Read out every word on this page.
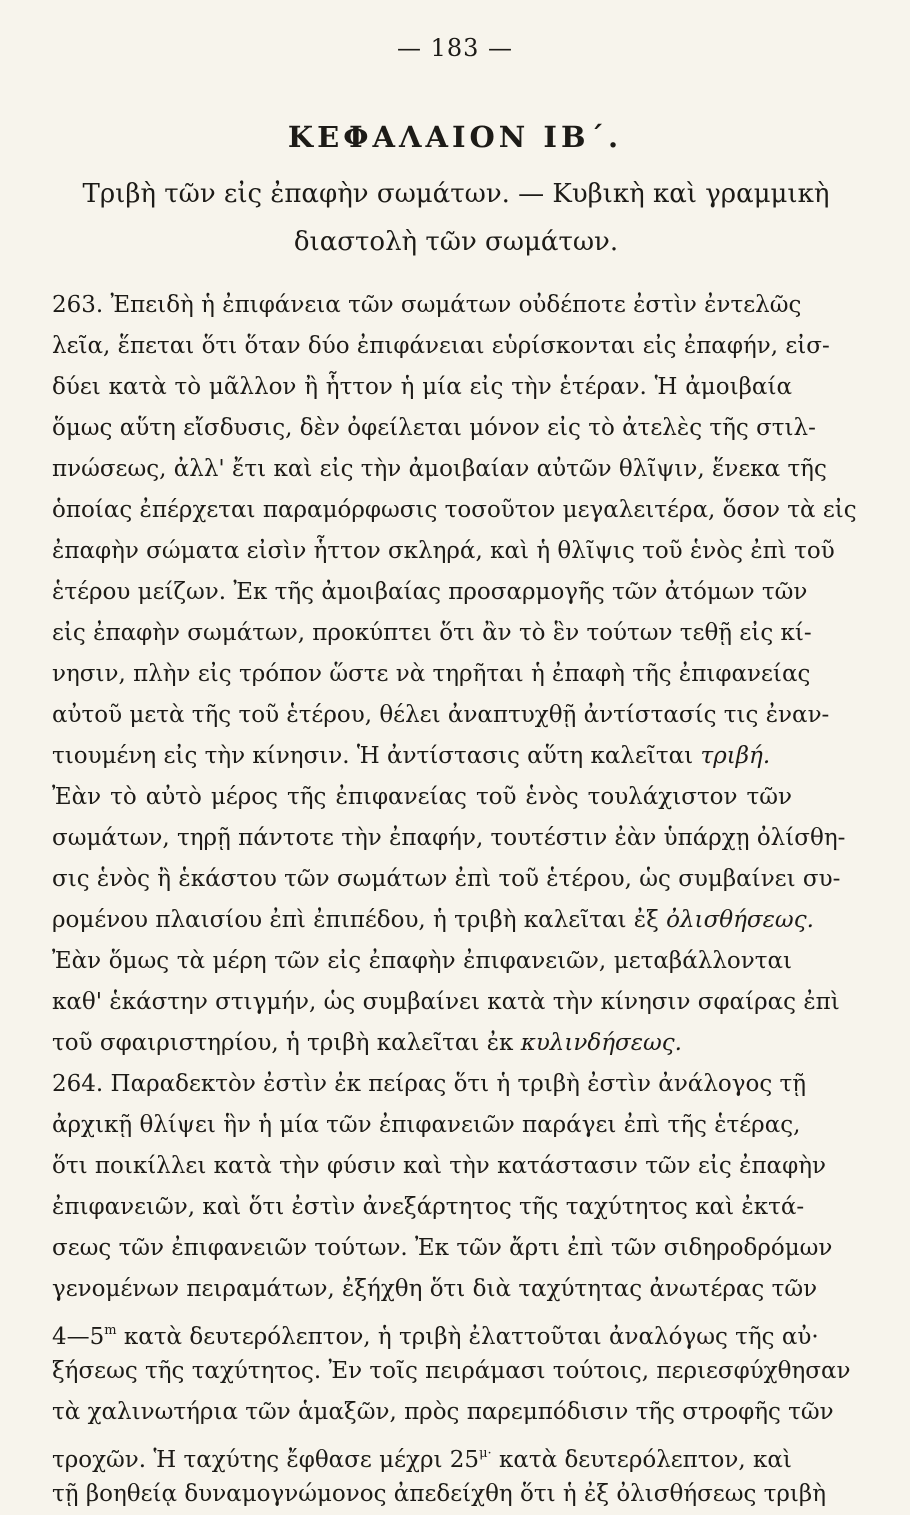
— 183 —
ΚΕΦΑΛΑΙΟΝ ΙΒ΄.
Τριβὴ τῶν εἰς ἐπαφὴν σωμάτων. — Κυβικὴ καὶ γραμμικὴ
διαστολὴ τῶν σωμάτων.
263. Ἐπειδὴ ἡ ἐπιφάνεια τῶν σωμάτων οὐδέποτε ἐστὶν ἐντελῶς
λεῖα, ἕπεται ὅτι ὅταν δύο ἐπιφάνειαι εὑρίσκονται εἰς ἐπαφήν, εἰσ-
δύει κατὰ τὸ μᾶλλον ἢ ἧττον ἡ μία εἰς τὴν ἑτέραν. Ἡ ἀμοιβαία
ὅμως αὕτη εἴσδυσις, δὲν ὀφείλεται μόνον εἰς τὸ ἀτελὲς τῆς στιλ-
πνώσεως, ἀλλ' ἔτι καὶ εἰς τὴν ἀμοιβαίαν αὐτῶν θλῖψιν, ἕνεκα τῆς
ὁποίας ἐπέρχεται παραμόρφωσις τοσοῦτον μεγαλειτέρα, ὅσον τὰ εἰς
ἐπαφὴν σώματα εἰσὶν ἧττον σκληρά, καὶ ἡ θλῖψις τοῦ ἑνὸς ἐπὶ τοῦ
ἑτέρου μείζων. Ἐκ τῆς ἀμοιβαίας προσαρμογῆς τῶν ἀτόμων τῶν
εἰς ἐπαφὴν σωμάτων, προκύπτει ὅτι ἂν τὸ ἓν τούτων τεθῇ εἰς κί-
νησιν, πλὴν εἰς τρόπον ὥστε νὰ τηρῆται ἡ ἐπαφὴ τῆς ἐπιφανείας
αὐτοῦ μετὰ τῆς τοῦ ἑτέρου, θέλει ἀναπτυχθῇ ἀντίστασίς τις ἐναν-
τιουμένη εἰς τὴν κίνησιν. Ἡ ἀντίστασις αὕτη καλεῖται τριβή.
Ἐὰν τὸ αὐτὸ μέρος τῆς ἐπιφανείας τοῦ ἑνὸς τουλάχιστον τῶν
σωμάτων, τηρῇ πάντοτε τὴν ἐπαφήν, τουτέστιν ἐὰν ὑπάρχῃ ὀλίσθη-
σις ἑνὸς ἢ ἑκάστου τῶν σωμάτων ἐπὶ τοῦ ἑτέρου, ὡς συμβαίνει συ-
ρομένου πλαισίου ἐπὶ ἐπιπέδου, ἡ τριβὴ καλεῖται ἐξ ὀλισθήσεως.
Ἐὰν ὅμως τὰ μέρη τῶν εἰς ἐπαφὴν ἐπιφανειῶν, μεταβάλλονται
καθ' ἑκάστην στιγμήν, ὡς συμβαίνει κατὰ τὴν κίνησιν σφαίρας ἐπὶ
τοῦ σφαιριστηρίου, ἡ τριβὴ καλεῖται ἐκ κυλινδήσεως.
264. Παραδεκτὸν ἐστὶν ἐκ πείρας ὅτι ἡ τριβὴ ἐστὶν ἀνάλογος τῇ
ἀρχικῇ θλίψει ἣν ἡ μία τῶν ἐπιφανειῶν παράγει ἐπὶ τῆς ἑτέρας,
ὅτι ποικίλλει κατὰ τὴν φύσιν καὶ τὴν κατάστασιν τῶν εἰς ἐπαφὴν
ἐπιφανειῶν, καὶ ὅτι ἐστὶν ἀνεξάρτητος τῆς ταχύτητος καὶ ἐκτά-
σεως τῶν ἐπιφανειῶν τούτων. Ἐκ τῶν ἄρτι ἐπὶ τῶν σιδηροδρόμων
γενομένων πειραμάτων, ἐξήχθη ὅτι διὰ ταχύτητας ἀνωτέρας τῶν
4—5$^m$ κατὰ δευτερόλεπτον, ἡ τριβὴ ἐλαττοῦται ἀναλόγως τῆς αὐ·
ξήσεως τῆς ταχύτητος. Ἐν τοῖς πειράμασι τούτοις, περιεσφύχθησαν
τὰ χαλινωτήρια τῶν ἁμαξῶν, πρὸς παρεμπόδισιν τῆς στροφῆς τῶν
τροχῶν. Ἡ ταχύτης ἔφθασε μέχρι $25^{\mu\cdot}$ κατὰ δευτερόλεπτον, καὶ
τῇ βοηθείᾳ δυναμογνώμονος ἀπεδείχθη ὅτι ἡ ἐξ ὀλισθήσεως τριβὴ
